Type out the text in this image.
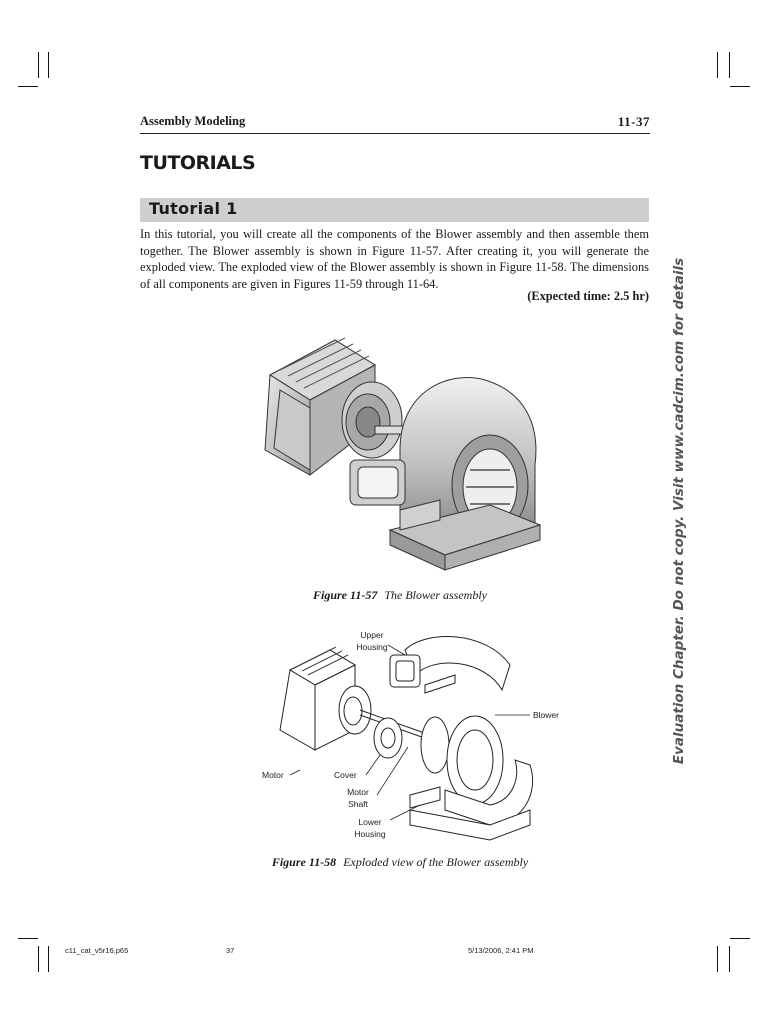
Assembly Modeling	11-37
TUTORIALS
Tutorial 1
In this tutorial, you will create all the components of the Blower assembly and then assemble them together. The Blower assembly is shown in Figure 11-57. After creating it, you will generate the exploded view. The exploded view of the Blower assembly is shown in Figure 11-58. The dimensions of all components are given in Figures 11-59 through 11-64.
(Expected time: 2.5 hr)
Figure 11-57 The Blower assembly
Upper
Housing
Blower
Motor	Cover
Motor
Shaft
Lower
Housing
Figure 11-58 Exploded view of the Blower assembly
Evaluation Chapter. Do not copy. Visit www.cadcim.com for details
c11_cat_v5r16.p65	37	5/13/2006, 2:41 PM
